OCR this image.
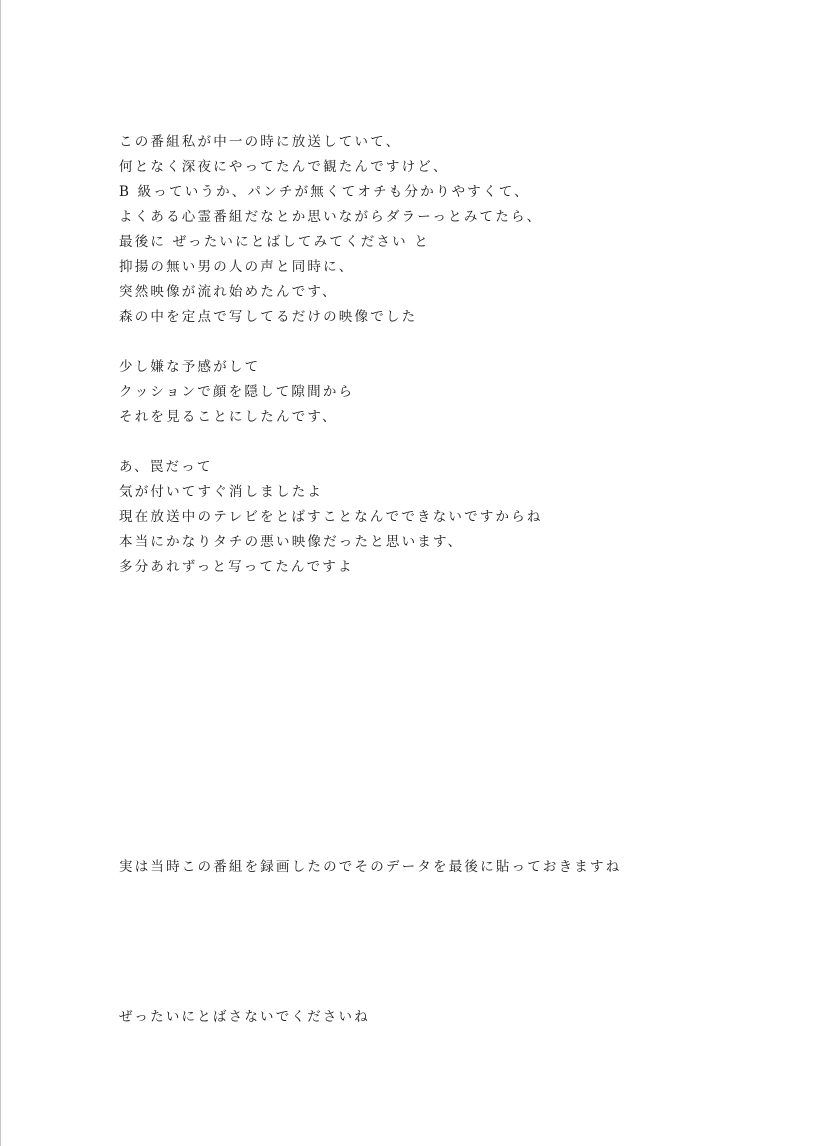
この番組私が中一の時に放送していて、
何となく深夜にやってたんで観たんですけど、
B 級っていうか、パンチが無くてオチも分かりやすくて、
よくある心霊番組だなとか思いながらダラーっとみてたら、
最後に ぜったいにとばしてみてください と
抑揚の無い男の人の声と同時に、
突然映像が流れ始めたんです、
森の中を定点で写してるだけの映像でした
少し嫌な予感がして
クッションで顔を隠して隙間から
それを見ることにしたんです、
あ、罠だって
気が付いてすぐ消しましたよ
現在放送中のテレビをとばすことなんでできないですからね
本当にかなりタチの悪い映像だったと思います、
多分あれずっと写ってたんですよ
実は当時この番組を録画したのでそのデータを最後に貼っておきますね
ぜったいにとばさないでくださいね
